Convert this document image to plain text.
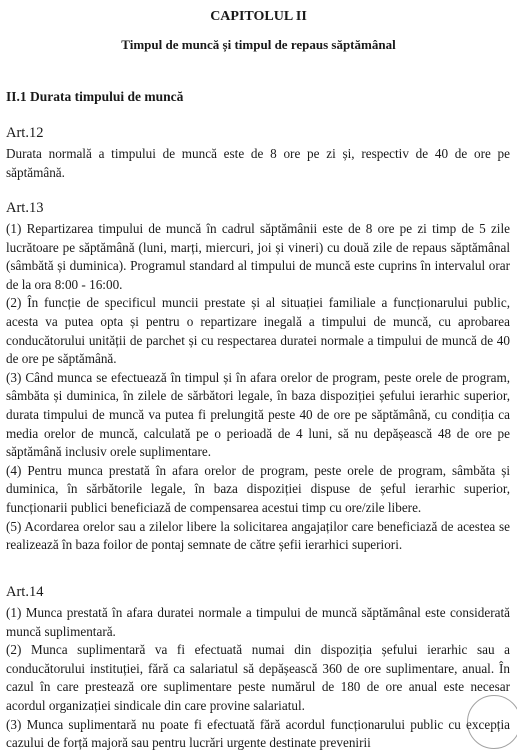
CAPITOLUL II
Timpul de muncă și timpul de repaus săptămânal
II.1 Durata timpului de muncă
Art.12

Durata normală a timpului de muncă este de 8 ore pe zi și, respectiv de 40 de ore pe săptămână.

Art.13

(1) Repartizarea timpului de muncă în cadrul săptămânii este de 8 ore pe zi timp de 5 zile lucrătoare pe săptămână (luni, marți, miercuri, joi și vineri) cu două zile de repaus săptămânal (sâmbătă și duminica). Programul standard al timpului de muncă este cuprins în intervalul orar de la ora 8:00 - 16:00.

(2) În funcție de specificul muncii prestate și al situației familiale a funcționarului public, acesta va putea opta și pentru o repartizare inegală a timpului de muncă, cu aprobarea conducătorului unității de parchet și cu respectarea duratei normale a timpului de muncă de 40 de ore pe săptămână.

(3) Când munca se efectuează în timpul și în afara orelor de program, peste orele de program, sâmbăta și duminica, în zilele de sărbători legale, în baza dispoziției șefului ierarhic superior, durata timpului de muncă va putea fi prelungită peste 40 de ore pe săptămână, cu condiția ca media orelor de muncă, calculată pe o perioadă de 4 luni, să nu depășească 48 de ore pe săptămână inclusiv orele suplimentare.

(4) Pentru munca prestată în afara orelor de program, peste orele de program, sâmbăta și duminica, în sărbătorile legale, în baza dispoziției dispuse de șeful ierarhic superior, funcționarii publici beneficiază de compensarea acestui timp cu ore/zile libere.

(5) Acordarea orelor sau a zilelor libere la solicitarea angajaților care beneficiază de acestea se realizează în baza foilor de pontaj semnate de către șefii ierarhici superiori.

Art.14

(1) Munca prestată în afara duratei normale a timpului de muncă săptămânal este considerată muncă suplimentară.

(2) Munca suplimentară va fi efectuată numai din dispoziția șefului ierarhic sau a conducătorului instituției, fără ca salariatul să depășească 360 de ore suplimentare, anual. În cazul în care prestează ore suplimentare peste numărul de 180 de ore anual este necesar acordul organizației sindicale din care provine salariatul.

(3) Munca suplimentară nu poate fi efectuată fără acordul funcționarului public cu excepția cazului de forță majoră sau pentru lucrări urgente destinate prevenirii
